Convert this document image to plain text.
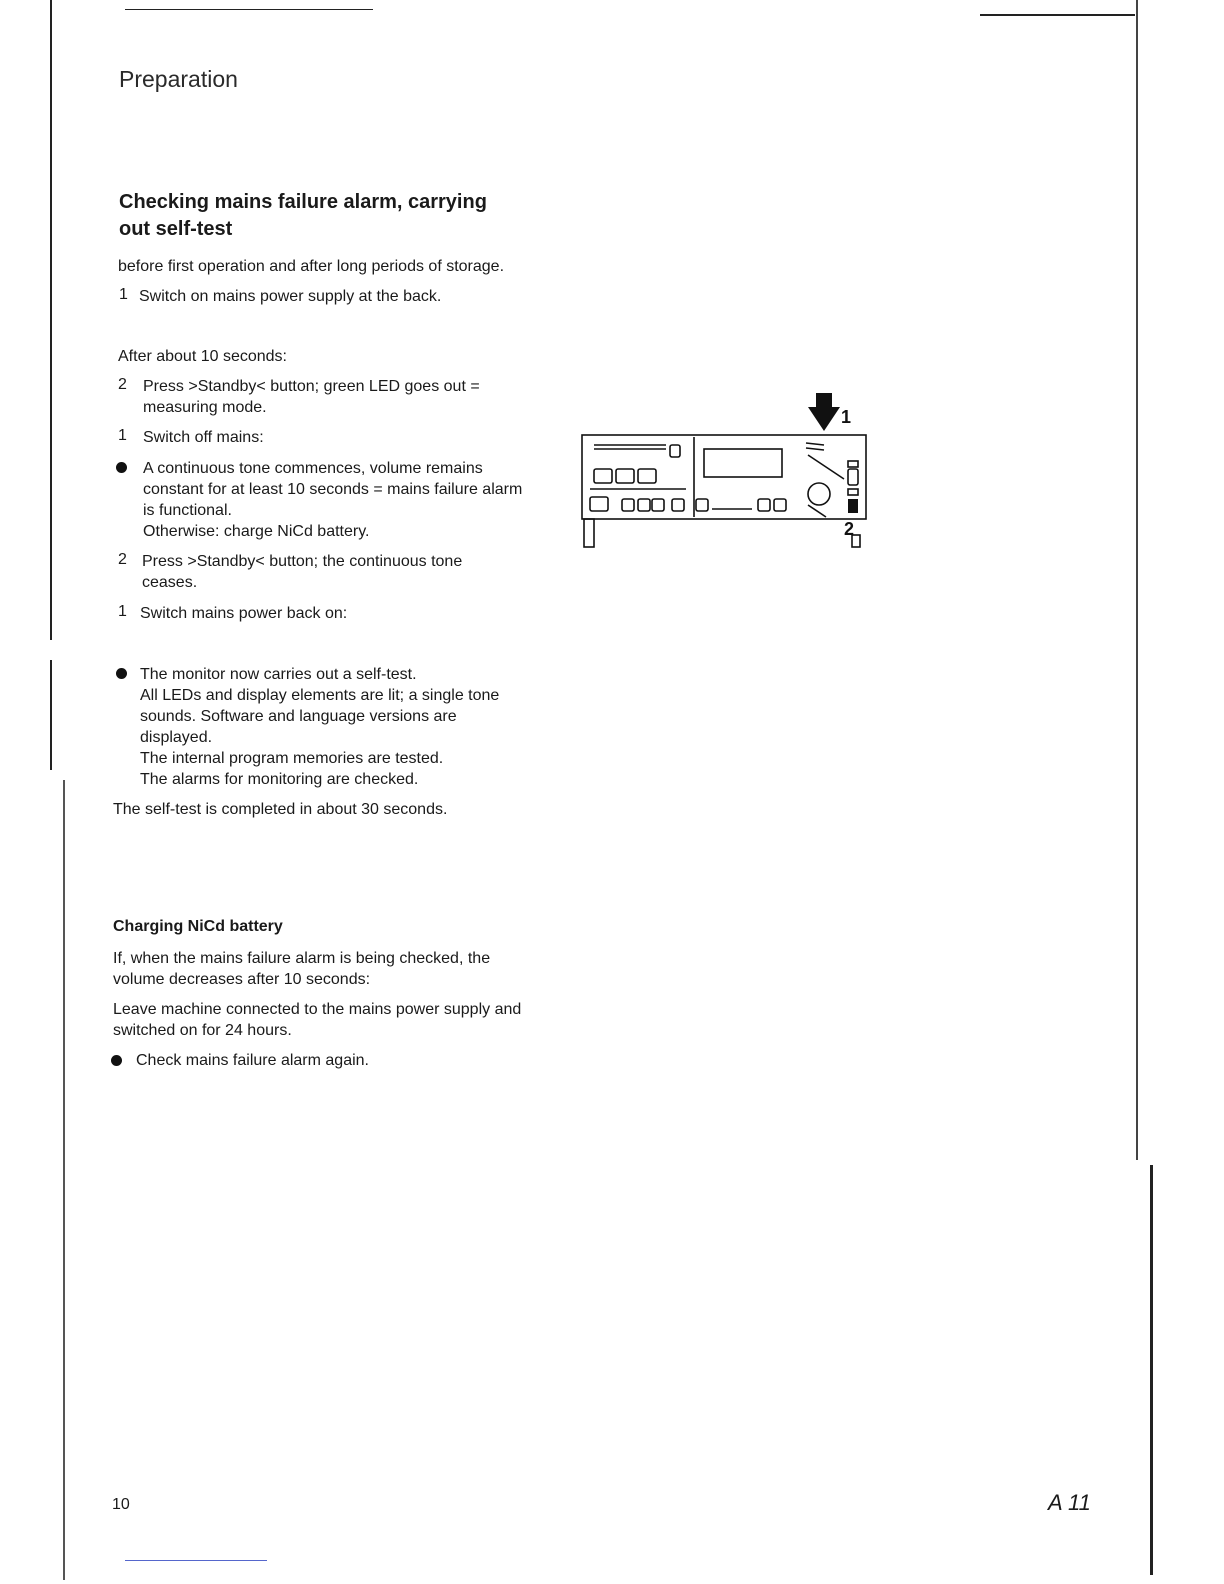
Preparation
Checking mains failure alarm, carrying
out self-test
before first operation and after long periods of storage.
1 Switch on mains power supply at the back.
After about 10 seconds:
2 Press >Standby< button; green LED goes out =
measuring mode.
1 Switch off mains:
A continuous tone commences, volume remains
constant for at least 10 seconds = mains failure alarm
is functional.
Otherwise: charge NiCd battery.
2 Press >Standby< button; the continuous tone
ceases.
1 Switch mains power back on:
The monitor now carries out a self-test.
All LEDs and display elements are lit; a single tone
sounds. Software and language versions are
displayed.
The internal program memories are tested.
The alarms for monitoring are checked.
The self-test is completed in about 30 seconds.
Charging NiCd battery
If, when the mains failure alarm is being checked, the
volume decreases after 10 seconds:
Leave machine connected to the mains power supply and
switched on for 24 hours.
Check mains failure alarm again.
1
2
10	A 11
